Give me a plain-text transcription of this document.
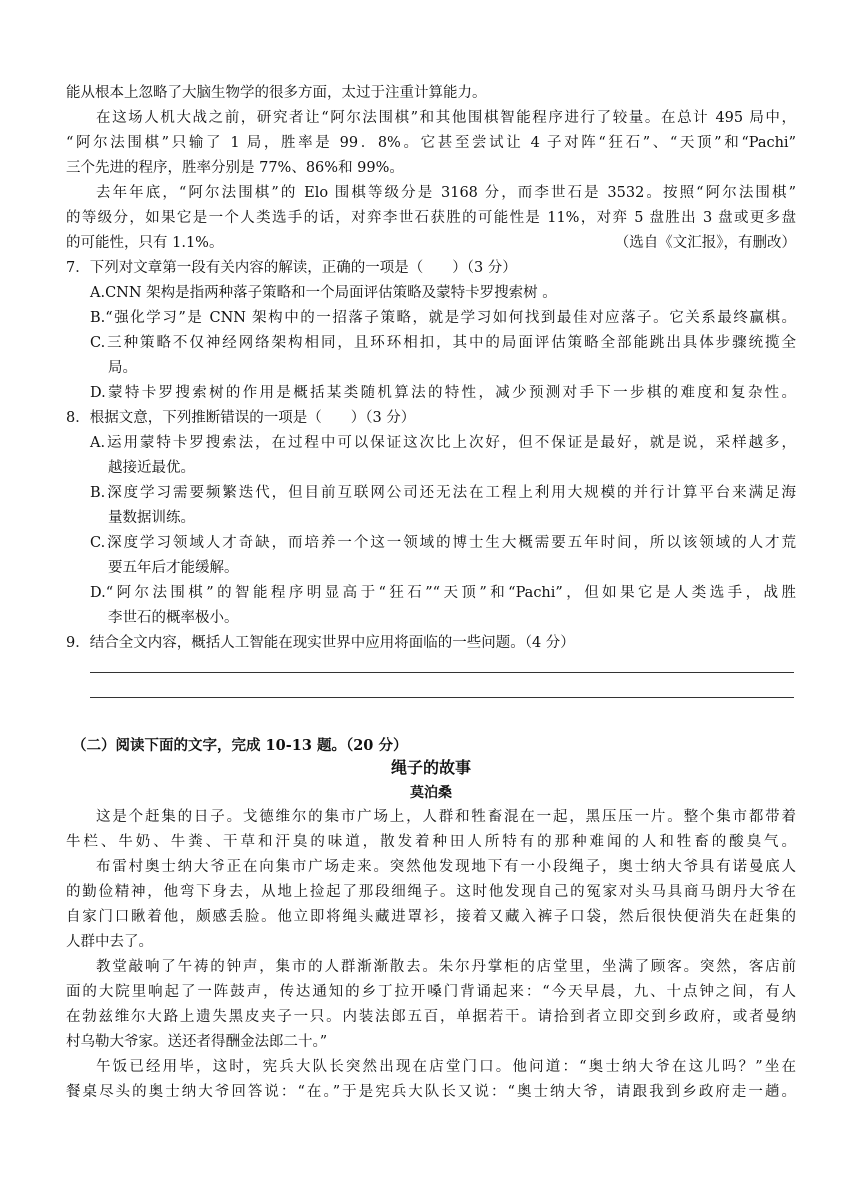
能从根本上忽略了大脑生物学的很多方面，太过于注重计算能力。
在这场人机大战之前，研究者让“阿尔法围棋”和其他围棋智能程序进行了较量。在总计 495 局中，
“阿尔法围棋”只输了 1 局，胜率是 99．8%。它甚至尝试让 4 子对阵“狂石”、“天顶”和“Pachi”
三个先进的程序，胜率分别是 77%、86%和 99%。
去年年底，“阿尔法围棋”的 Elo 围棋等级分是 3168 分，而李世石是 3532。按照“阿尔法围棋”
的等级分，如果它是一个人类选手的话，对弈李世石获胜的可能性是 11%，对弈 5 盘胜出 3 盘或更多盘
的可能性，只有 1.1%。	（选自《文汇报》，有删改）
7．下列对文章第一段有关内容的解读，正确的一项是（　　）（3 分）
A.CNN 架构是指两种落子策略和一个局面评估策略及蒙特卡罗搜索树 。
B.“强化学习”是 CNN 架构中的一招落子策略，就是学习如何找到最佳对应落子。它关系最终赢棋。
C.三种策略不仅神经网络架构相同，且环环相扣，其中的局面评估策略全部能跳出具体步骤统揽全
局。
D.蒙特卡罗搜索树的作用是概括某类随机算法的特性，减少预测对手下一步棋的难度和复杂性。
8．根据文意，下列推断错误的一项是（　　）（3 分）
A.运用蒙特卡罗搜索法，在过程中可以保证这次比上次好，但不保证是最好，就是说，采样越多，
越接近最优。
B.深度学习需要频繁迭代，但目前互联网公司还无法在工程上利用大规模的并行计算平台来满足海
量数据训练。
C.深度学习领域人才奇缺，而培养一个这一领域的博士生大概需要五年时间，所以该领域的人才荒
要五年后才能缓解。
D.“阿尔法围棋”的智能程序明显高于“狂石”“天顶”和“Pachi”，但如果它是人类选手，战胜
李世石的概率极小。
9．结合全文内容，概括人工智能在现实世界中应用将面临的一些问题。（4 分）
（二）阅读下面的文字，完成 10-13 题。（20 分）
绳子的故事
莫泊桑
这是个赶集的日子。戈德维尔的集市广场上，人群和牲畜混在一起，黑压压一片。整个集市都带着
牛栏、牛奶、牛粪、干草和汗臭的味道，散发着种田人所特有的那种难闻的人和牲畜的酸臭气。
布雷村奥士纳大爷正在向集市广场走来。突然他发现地下有一小段绳子，奥士纳大爷具有诺曼底人
的勤俭精神，他弯下身去，从地上捡起了那段细绳子。这时他发现自己的冤家对头马具商马朗丹大爷在
自家门口瞅着他，颇感丢脸。他立即将绳头藏进罩衫，接着又藏入裤子口袋，然后很快便消失在赶集的
人群中去了。
教堂敲响了午祷的钟声，集市的人群渐渐散去。朱尔丹掌柜的店堂里，坐满了顾客。突然，客店前
面的大院里响起了一阵鼓声，传达通知的乡丁拉开嗓门背诵起来：“今天早晨，九、十点钟之间，有人
在勃兹维尔大路上遗失黑皮夹子一只。内装法郎五百，单据若干。请拾到者立即交到乡政府，或者曼纳
村乌勒大爷家。送还者得酬金法郎二十。”
午饭已经用毕，这时，宪兵大队长突然出现在店堂门口。他问道：“奥士纳大爷在这儿吗？”坐在
餐桌尽头的奥士纳大爷回答说：“在。”于是宪兵大队长又说：“奥士纳大爷，请跟我到乡政府走一趟。
